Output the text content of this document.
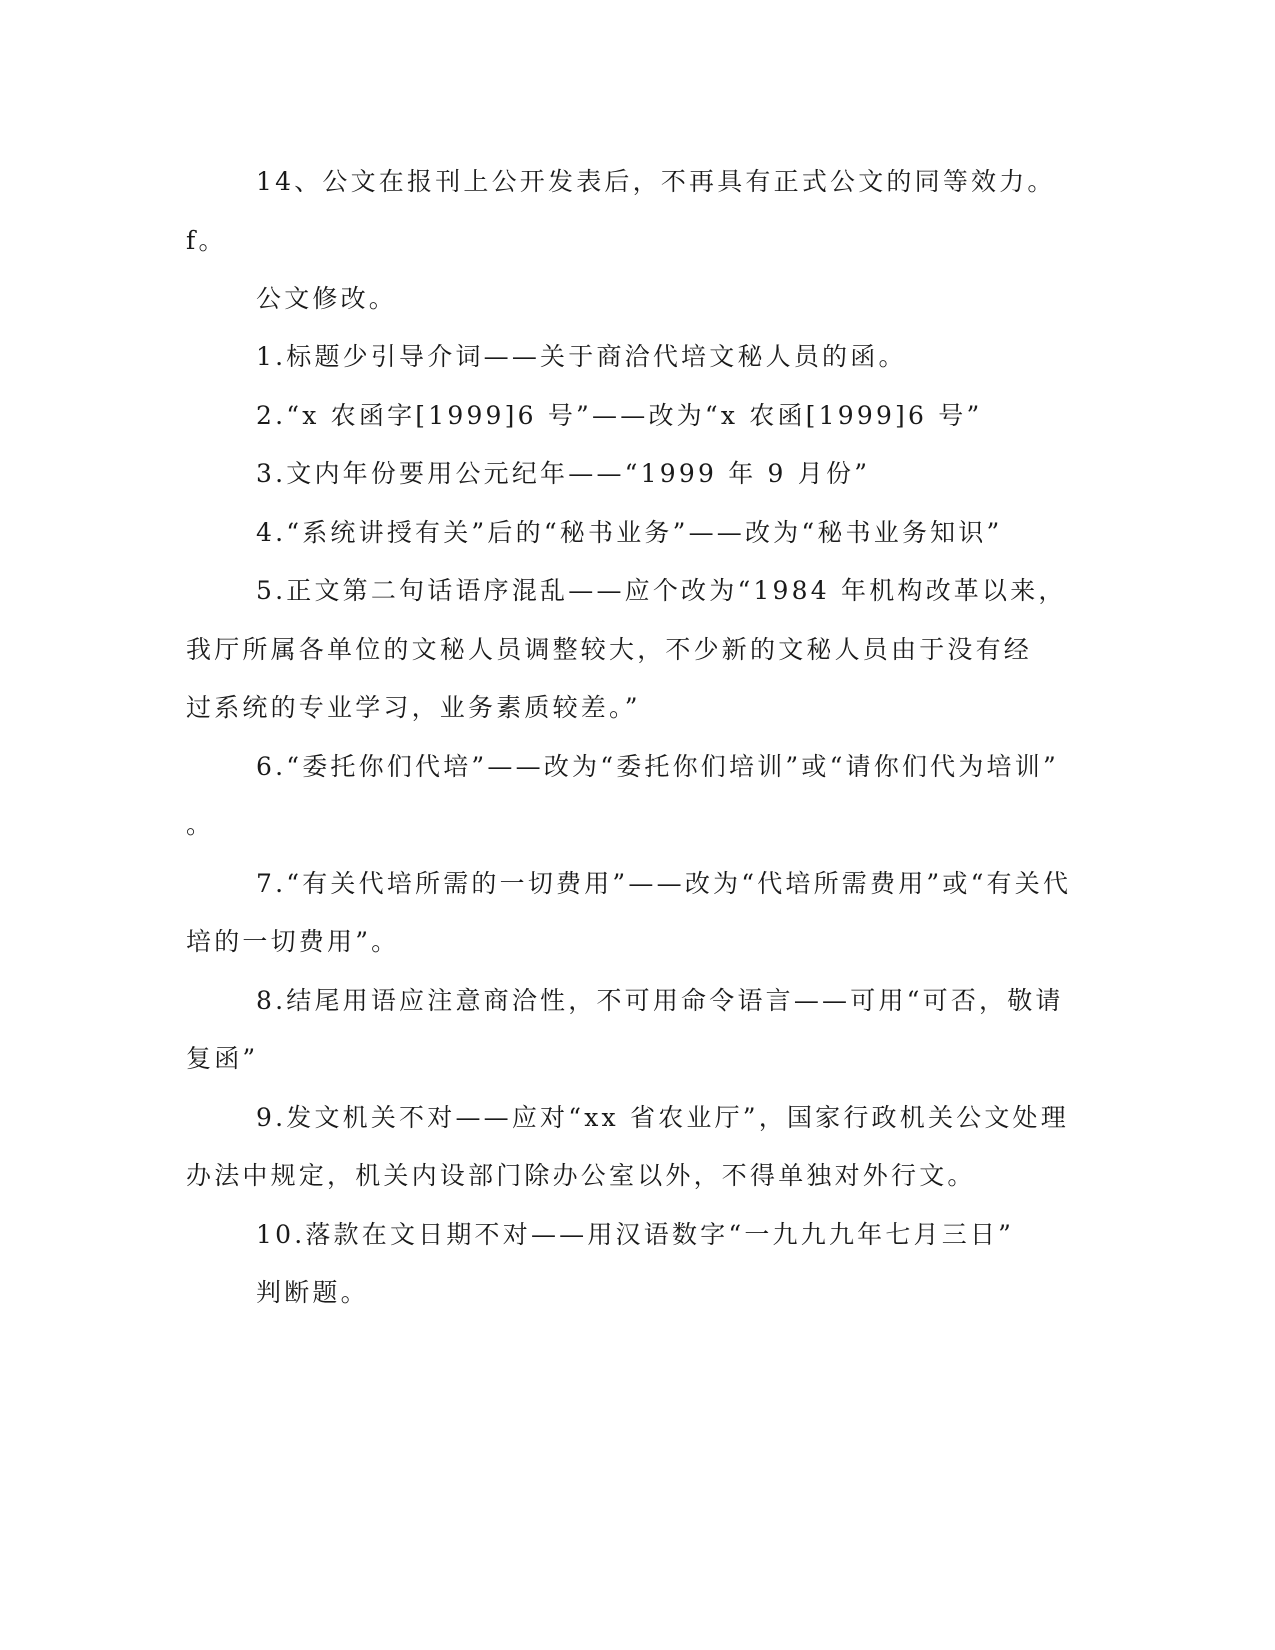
14、公文在报刊上公开发表后，不再具有正式公文的同等效力。
f。
公文修改。
1.标题少引导介词——关于商洽代培文秘人员的函。
2.“x 农函字[1999]6 号”——改为“x 农函[1999]6 号”
3.文内年份要用公元纪年——“1999 年 9 月份”
4.“系统讲授有关”后的“秘书业务”——改为“秘书业务知识”
5.正文第二句话语序混乱——应个改为“1984 年机构改革以来，
我厅所属各单位的文秘人员调整较大，不少新的文秘人员由于没有经
过系统的专业学习，业务素质较差。”
6.“委托你们代培”——改为“委托你们培训”或“请你们代为培训”
。
7.“有关代培所需的一切费用”——改为“代培所需费用”或“有关代
培的一切费用”。
8.结尾用语应注意商洽性，不可用命令语言——可用“可否，敬请
复函”
9.发文机关不对——应对“xx 省农业厅”，国家行政机关公文处理
办法中规定，机关内设部门除办公室以外，不得单独对外行文。
10.落款在文日期不对——用汉语数字“一九九九年七月三日”
判断题。
